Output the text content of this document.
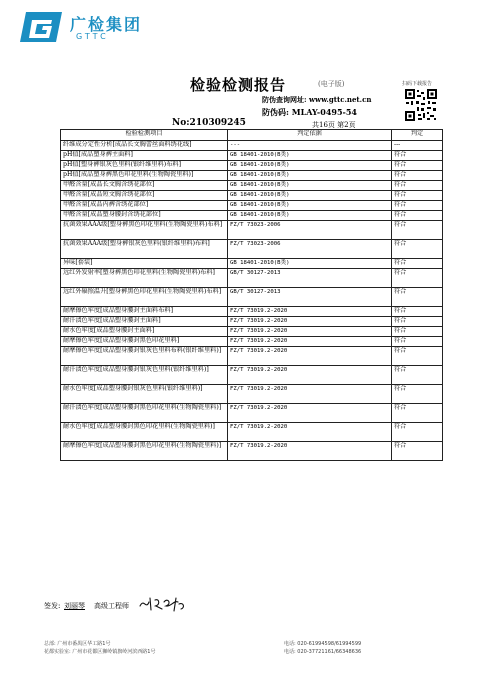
广检集团
GTTC
检验检测报告	(电子版)	扫码下载报告
防伪查询网址: www.gttc.net.cn
防伪码: MLAY-0495-54
No:210309245	共16页 第2页
检验检测项目	判定依据	判定
纤维成分定性分析[成品长文胸蕾丝面料绣花线]	---	---
pH值[成品塑身裤主面料]	GB 18401-2010(B类)	符合
pH值[塑身裤银灰色里料(银纤维里料)布料]	GB 18401-2010(B类)	符合
pH值[成品塑身裤黑色印花里料(生物陶瓷里料)]	GB 18401-2010(B类)	符合
甲醛含量[成品长文胸含绣花部位]	GB 18401-2010(B类)	符合
甲醛含量[成品短文胸含绣花部位]	GB 18401-2010(B类)	符合
甲醛含量[成品内裤含绣花部位]	GB 18401-2010(B类)	符合
甲醛含量[成品塑身腰封含绣花部位]	GB 18401-2010(B类)	符合
抗菌效果AAA级[塑身裤黑色印花里料(生物陶瓷里料)布料]	FZ/T 73023-2006	符合
抗菌效果AAA级[塑身裤银灰色里料(银纤维里料)布料]	FZ/T 73023-2006	符合
异味[套装]	GB 18401-2010(B类)	符合
远红外发射率[塑身裤黑色印花里料(生物陶瓷里料)布料]	GB/T 30127-2013	符合
远红外辐照温升[塑身裤黑色印花里料(生物陶瓷里料)布料]	GB/T 30127-2013	符合
耐摩擦色牢度[成品塑身腰封主面料布料]	FZ/T 73019.2-2020	符合
耐汗渍色牢度[成品塑身腰封主面料]	FZ/T 73019.2-2020	符合
耐水色牢度[成品塑身腰封主面料]	FZ/T 73019.2-2020	符合
耐摩擦色牢度[成品塑身腰封黑色印花里料]	FZ/T 73019.2-2020	符合
耐摩擦色牢度[成品塑身腰封银灰色里料布料(银纤维里料)]	FZ/T 73019.2-2020	符合
耐汗渍色牢度[成品塑身腰封银灰色里料(银纤维里料)]	FZ/T 73019.2-2020	符合
耐水色牢度[成品塑身腰封银灰色里料(银纤维里料)]	FZ/T 73019.2-2020	符合
耐汗渍色牢度[成品塑身腰封黑色印花里料(生物陶瓷里料)]	FZ/T 73019.2-2020	符合
耐水色牢度[成品塑身腰封黑色印花里料(生物陶瓷里料)]	FZ/T 73019.2-2020	符合
耐摩擦色牢度[成品塑身腰封黑色印花里料(生物陶瓷里料)]	FZ/T 73019.2-2020	符合
签发: 刘丽琴 高级工程师
总部: 广州市番禺区华工路1号
花都实验室: 广州市花都区狮岭镇旗岭河滨西路1号
电话: 020-61994598/61994599
电话: 020-37721161/66348636
